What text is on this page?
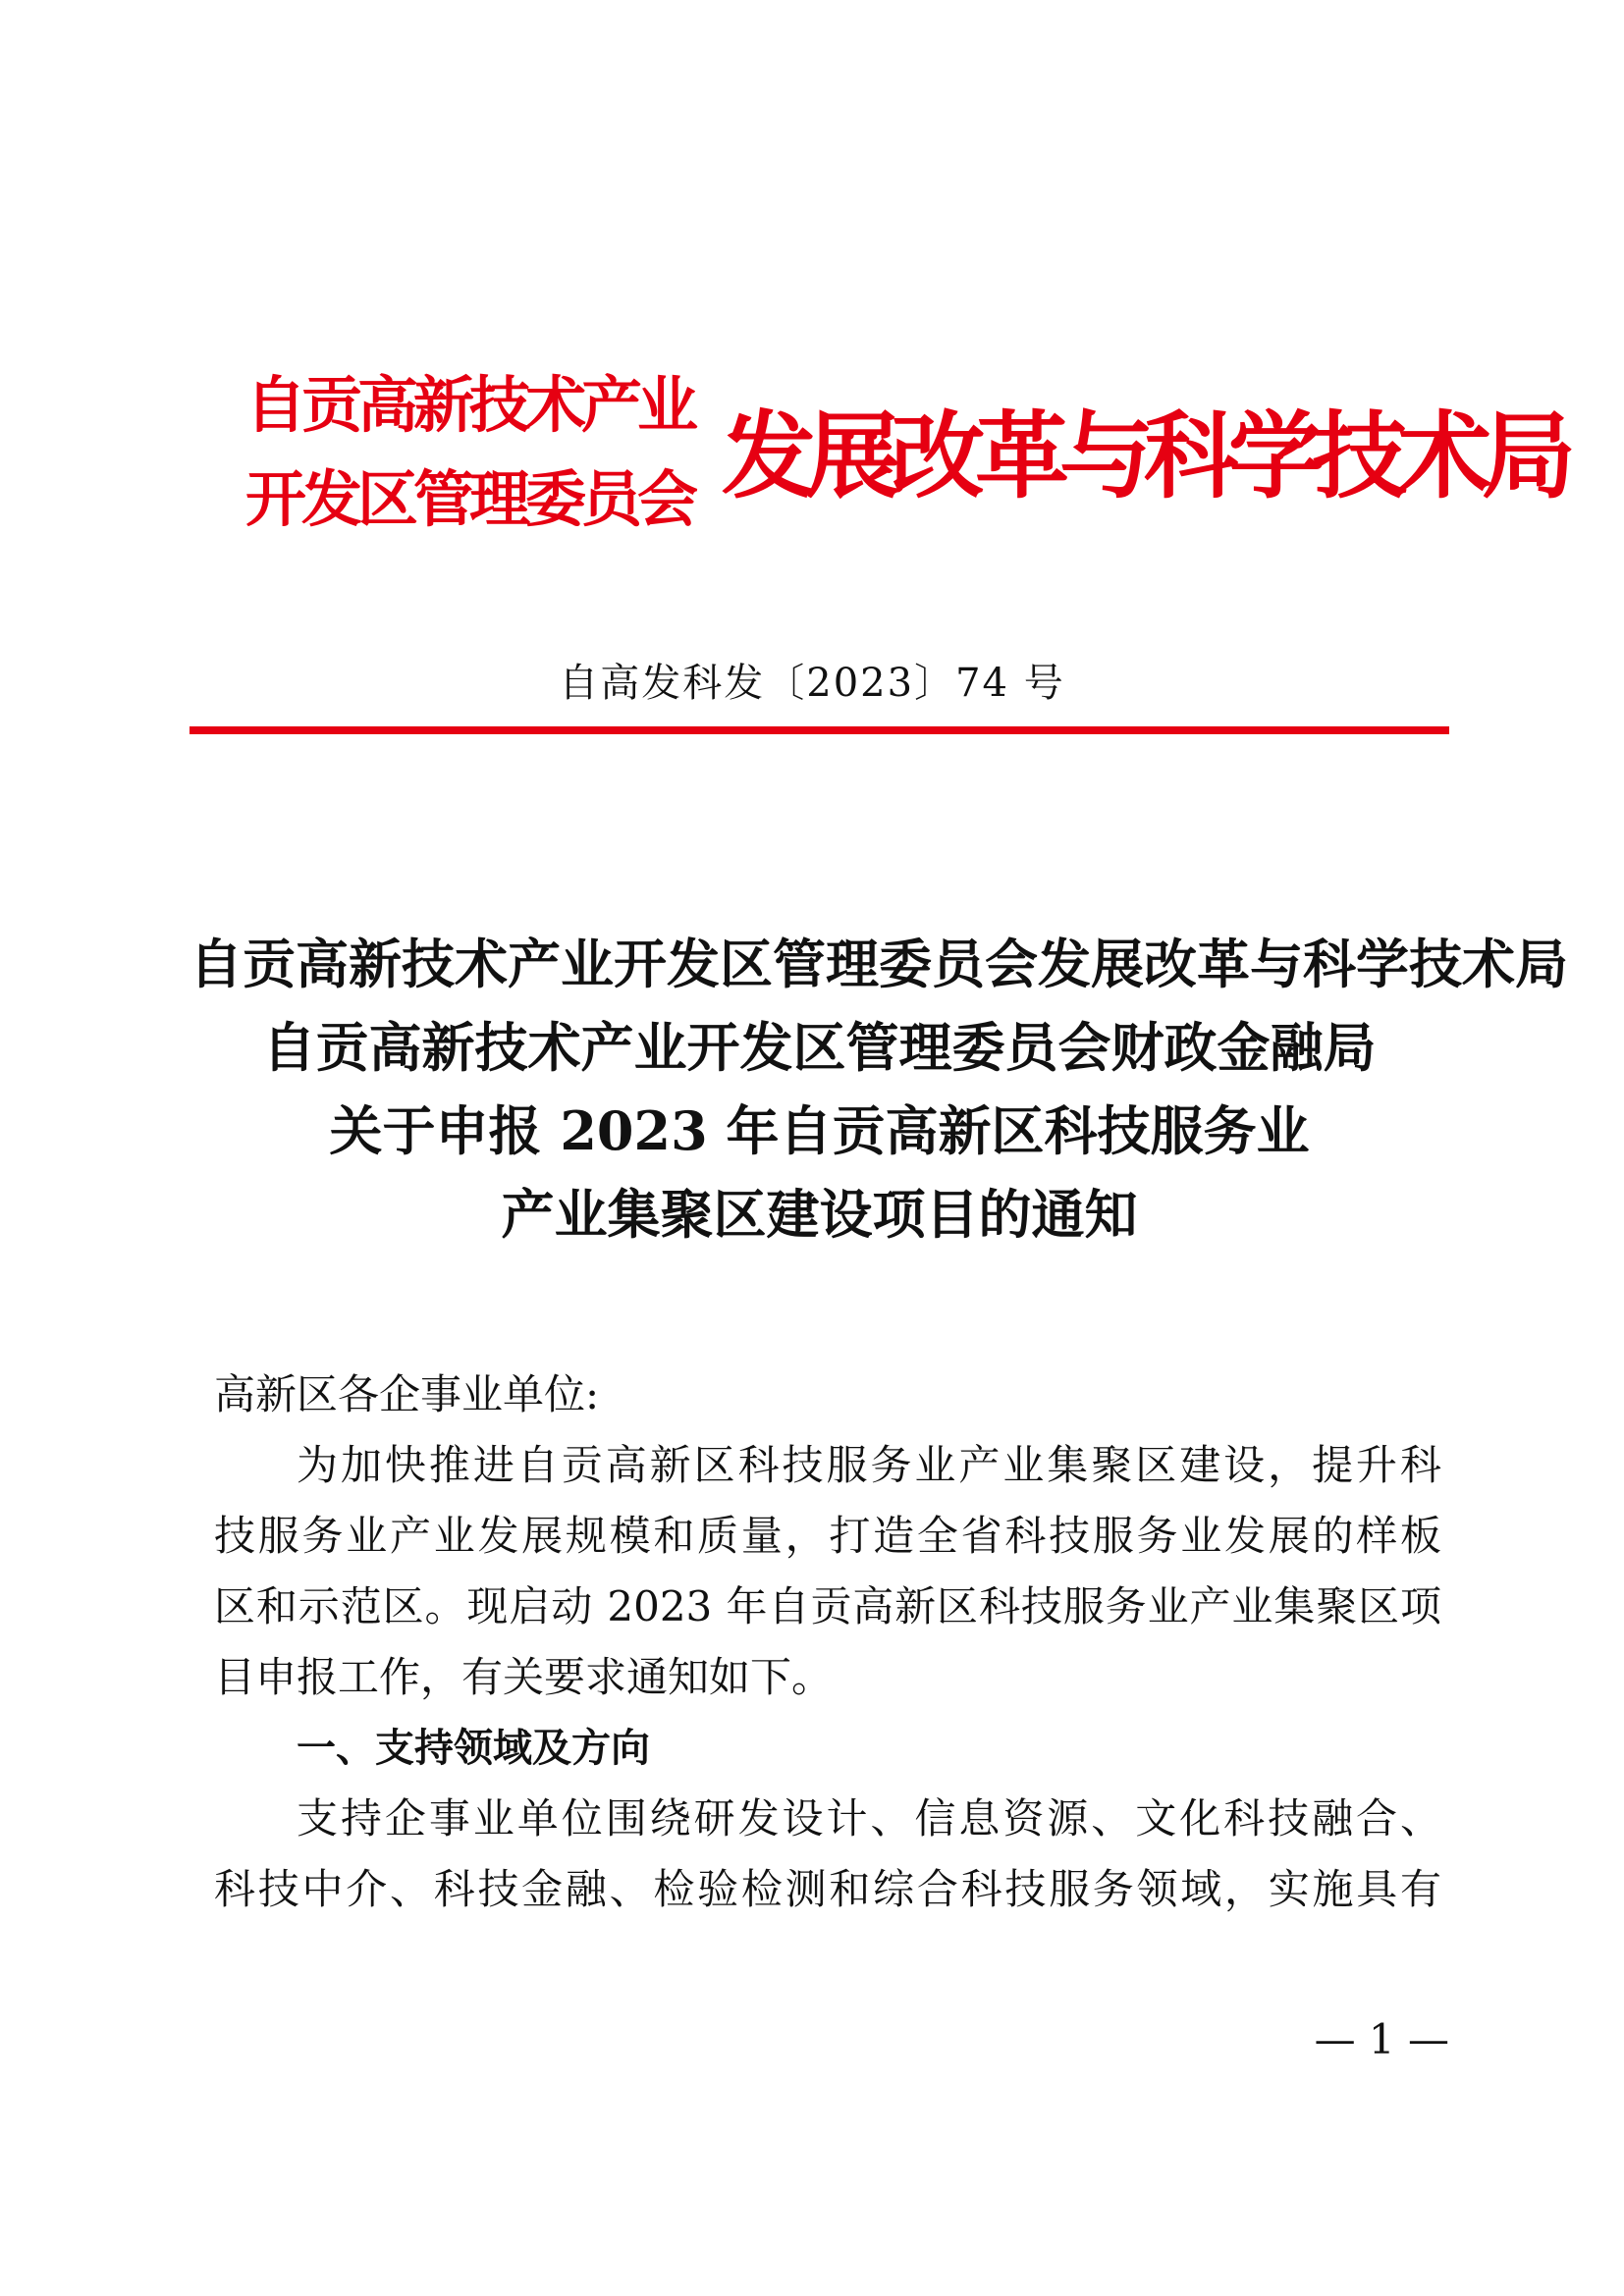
自贡高新技术产业
开发区管理委员会 发展改革与科学技术局
自高发科发〔2023〕74 号
自贡高新技术产业开发区管理委员会发展改革与科学技术局
自贡高新技术产业开发区管理委员会财政金融局
关于申报 2023 年自贡高新区科技服务业
产业集聚区建设项目的通知
高新区各企事业单位:
为加快推进自贡高新区科技服务业产业集聚区建设，提升科
技服务业产业发展规模和质量，打造全省科技服务业发展的样板
区和示范区。现启动 2023 年自贡高新区科技服务业产业集聚区项
目申报工作，有关要求通知如下。
一、支持领域及方向
支持企事业单位围绕研发设计、信息资源、文化科技融合、
科技中介、科技金融、检验检测和综合科技服务领域，实施具有
— 1 —
